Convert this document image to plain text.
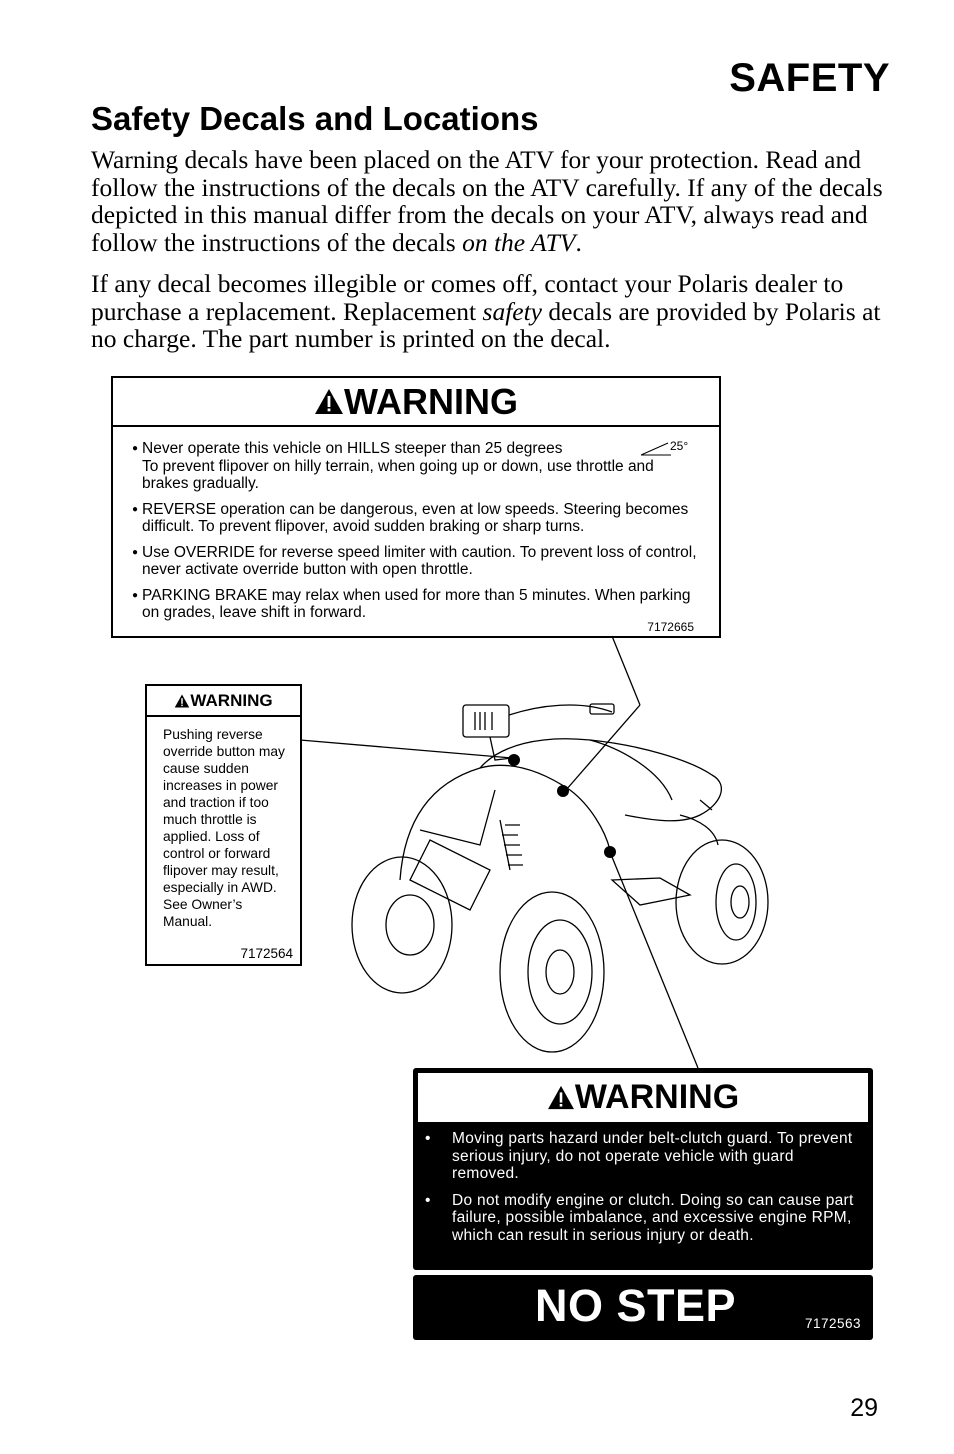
SAFETY
Safety Decals and Locations
Warning decals have been placed on the ATV for your protection. Read and follow the instructions of the decals on the ATV carefully. If any of the decals depicted in this manual differ from the decals on your ATV, always read and follow the instructions of the decals on the ATV.
If any decal becomes illegible or comes off, contact your Polaris dealer to purchase a replacement. Replacement safety decals are provided by Polaris at no charge. The part number is printed on the decal.
WARNING
● Never operate this vehicle on HILLS steeper than 25 degrees
To prevent flipover on hilly terrain, when going up or down, use throttle and brakes gradually.
25°
● REVERSE operation can be dangerous, even at low speeds. Steering becomes difficult. To prevent flipover, avoid sudden braking or sharp turns.
● Use OVERRIDE for reverse speed limiter with caution. To prevent loss of control, never activate override button with open throttle.
● PARKING BRAKE may relax when used for more than 5 minutes. When parking on grades, leave shift in forward.
7172665
WARNING
Pushing reverse override button may cause sudden increases in power and traction if too much throttle is applied. Loss of control or forward flipover may result, especially in AWD. See Owner’s Manual.
7172564
WARNING
• Moving parts hazard under belt-clutch guard. To prevent serious injury, do not operate vehicle with guard removed.
• Do not modify engine or clutch. Doing so can cause part failure, possible imbalance, and excessive engine RPM, which can result in serious injury or death.
NO STEP	7172563
29
